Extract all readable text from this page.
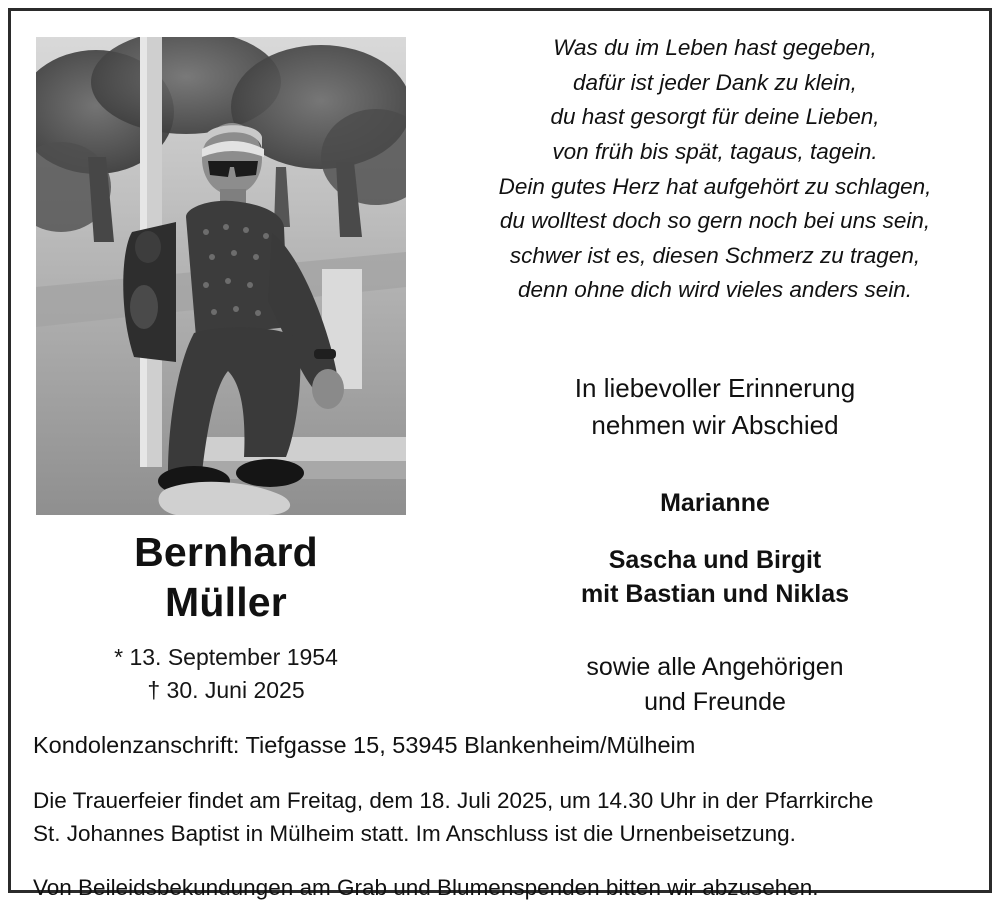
Bernhard
Müller
* 13. September 1954
† 30. Juni 2025
Was du im Leben hast gegeben,
dafür ist jeder Dank zu klein,
du hast gesorgt für deine Lieben,
von früh bis spät, tagaus, tagein.
Dein gutes Herz hat aufgehört zu schlagen,
du wolltest doch so gern noch bei uns sein,
schwer ist es, diesen Schmerz zu tragen,
denn ohne dich wird vieles anders sein.
In liebevoller Erinnerung
nehmen wir Abschied
Marianne
Sascha und Birgit
mit Bastian und Niklas
sowie alle Angehörigen
und Freunde
Kondolenzanschrift: Tiefgasse 15, 53945 Blankenheim/Mülheim
Die Trauerfeier findet am Freitag, dem 18. Juli 2025, um 14.30 Uhr in der Pfarrkirche
St. Johannes Baptist in Mülheim statt. Im Anschluss ist die Urnenbeisetzung.
Von Beileidsbekundungen am Grab und Blumenspenden bitten wir abzusehen.
